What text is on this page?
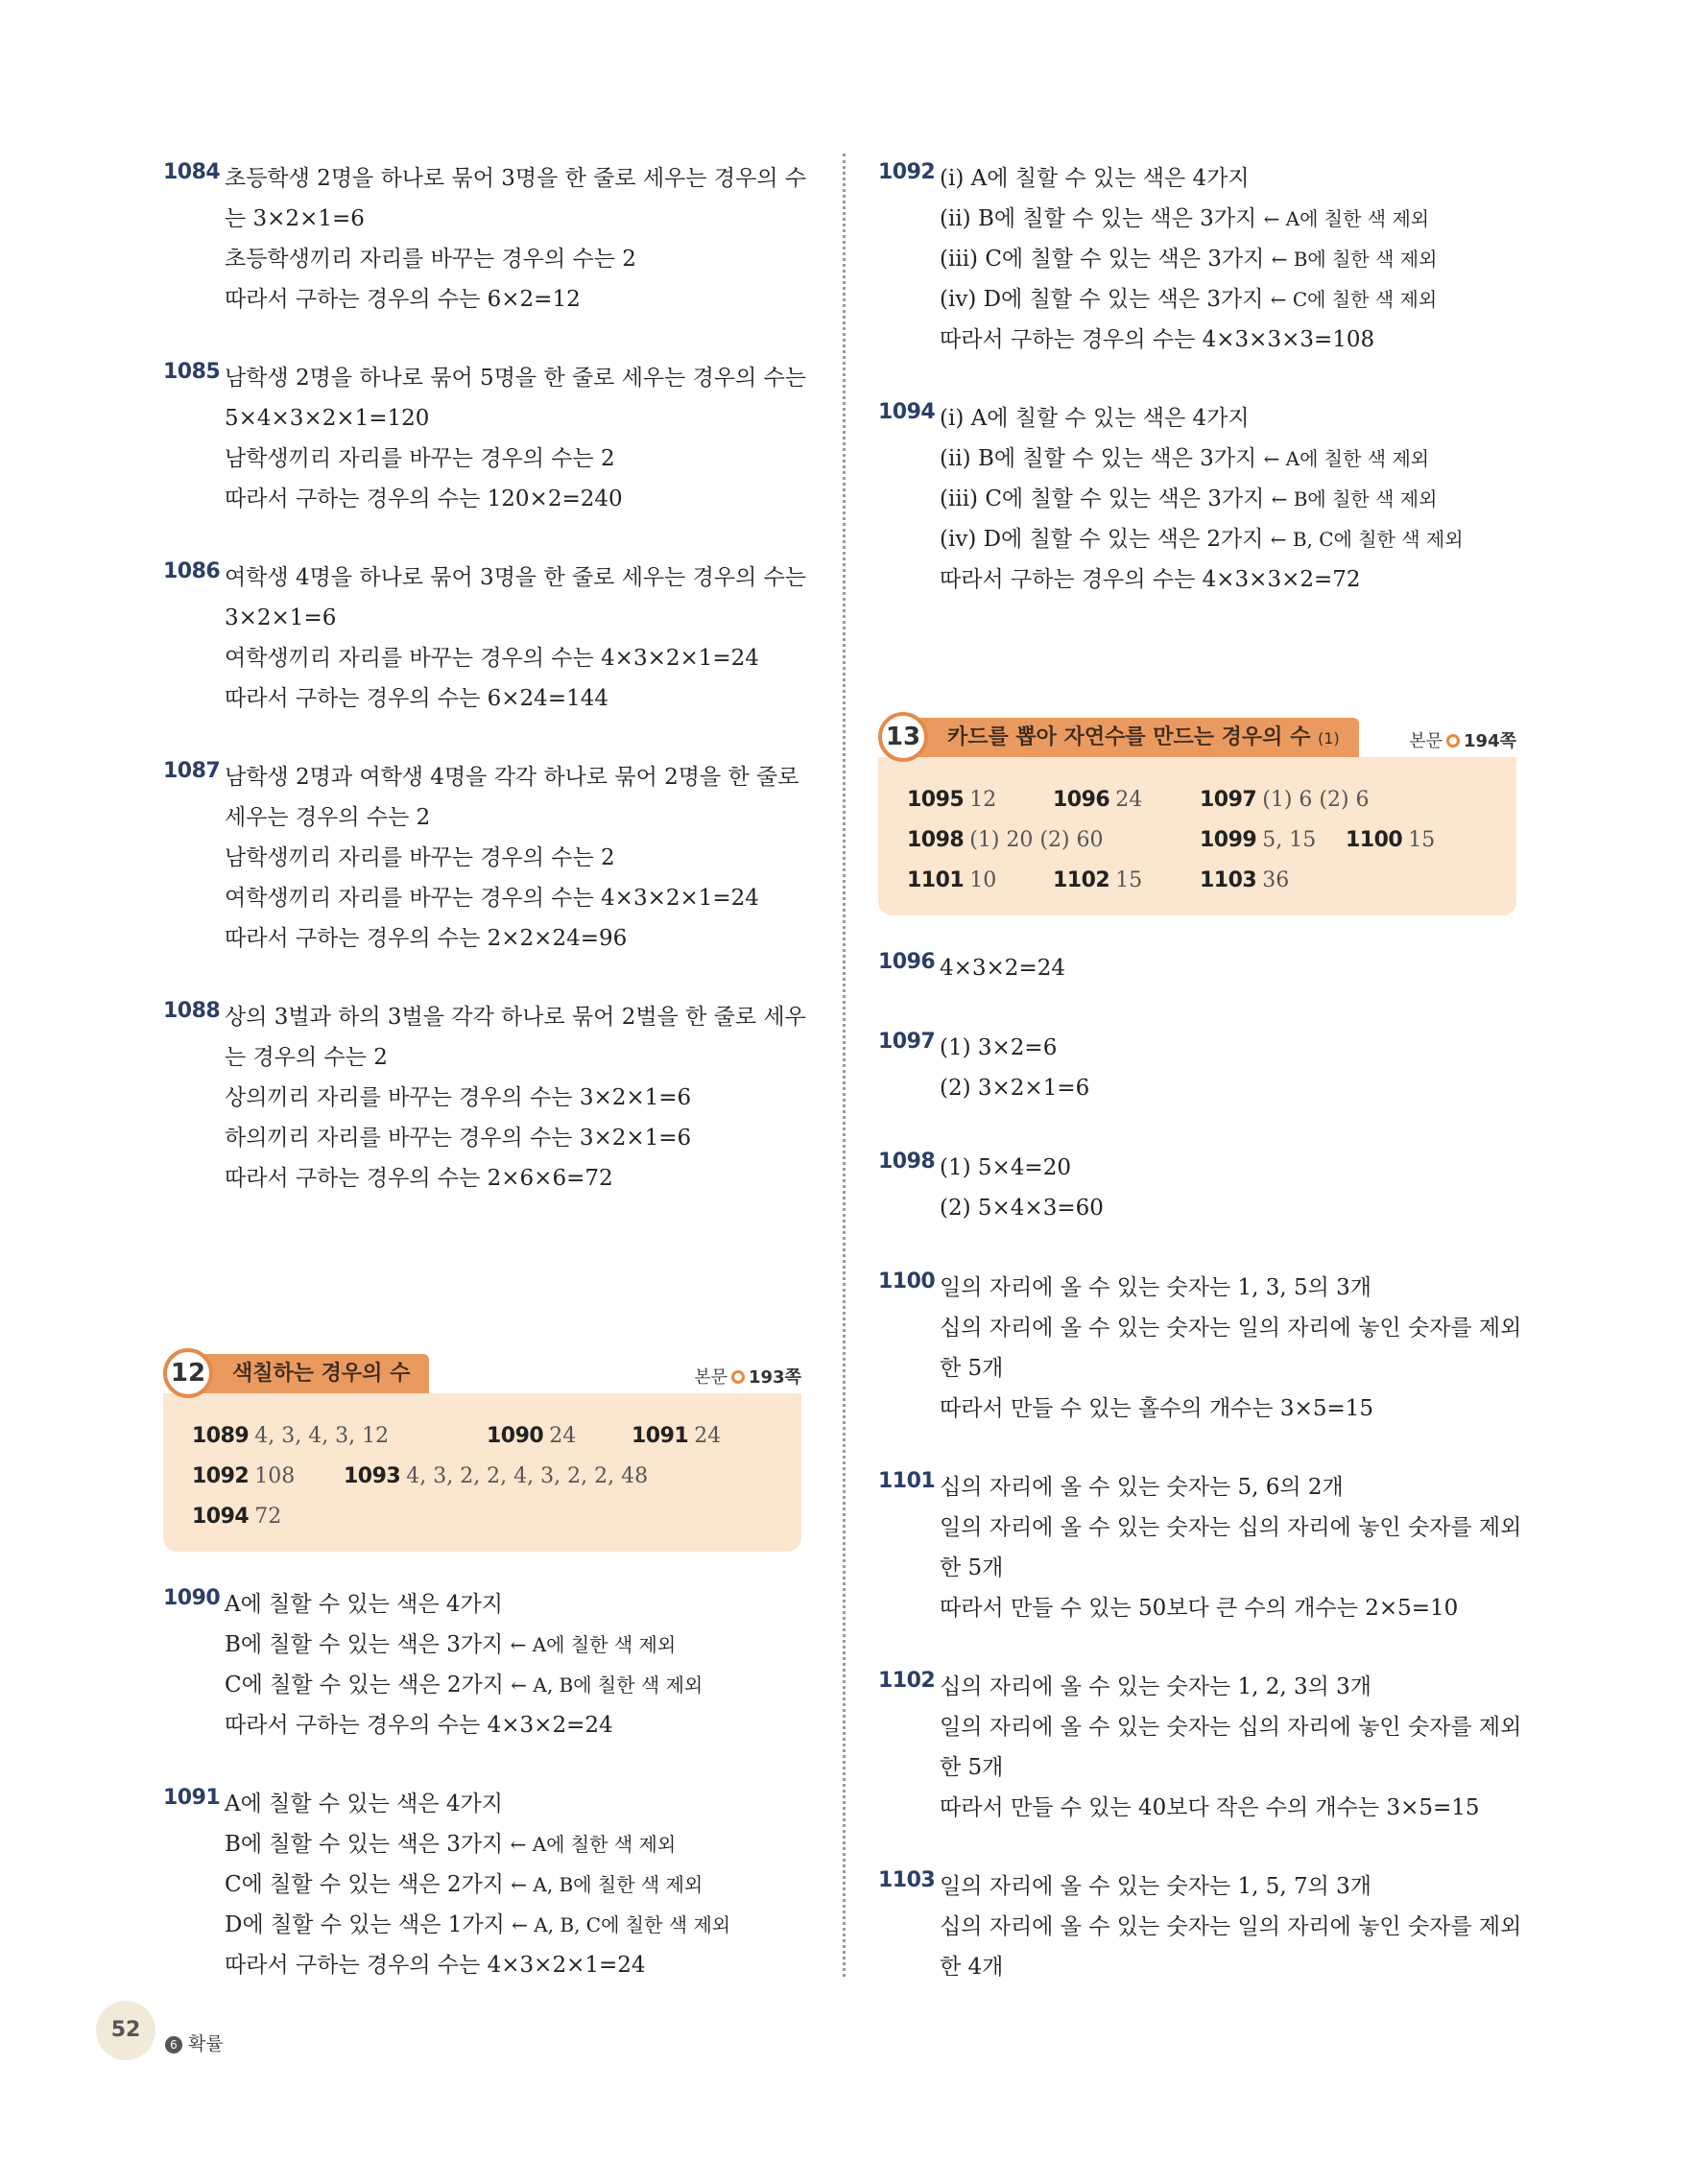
1084 초등학생 2명을 하나로 묶어 3명을 한 줄로 세우는 경우의 수
는 3×2×1=6
초등학생끼리 자리를 바꾸는 경우의 수는 2
따라서 구하는 경우의 수는 6×2=12
1085 남학생 2명을 하나로 묶어 5명을 한 줄로 세우는 경우의 수는
5×4×3×2×1=120
남학생끼리 자리를 바꾸는 경우의 수는 2
따라서 구하는 경우의 수는 120×2=240
1086 여학생 4명을 하나로 묶어 3명을 한 줄로 세우는 경우의 수는
3×2×1=6
여학생끼리 자리를 바꾸는 경우의 수는 4×3×2×1=24
따라서 구하는 경우의 수는 6×24=144
1087 남학생 2명과 여학생 4명을 각각 하나로 묶어 2명을 한 줄로
세우는 경우의 수는 2
남학생끼리 자리를 바꾸는 경우의 수는 2
여학생끼리 자리를 바꾸는 경우의 수는 4×3×2×1=24
따라서 구하는 경우의 수는 2×2×24=96
1088 상의 3벌과 하의 3벌을 각각 하나로 묶어 2벌을 한 줄로 세우
는 경우의 수는 2
상의끼리 자리를 바꾸는 경우의 수는 3×2×1=6
하의끼리 자리를 바꾸는 경우의 수는 3×2×1=6
따라서 구하는 경우의 수는 2×6×6=72
12	색칠하는 경우의 수	본문 193쪽
1089 4, 3, 4, 3, 12	1090 24	1091 24
1092 108 1093 4, 3, 2, 2, 4, 3, 2, 2, 48
1094 72
1090 A에 칠할 수 있는 색은 4가지
B에 칠할 수 있는 색은 3가지 ← A에 칠한 색 제외
C에 칠할 수 있는 색은 2가지 ← A, B에 칠한 색 제외
따라서 구하는 경우의 수는 4×3×2=24
1091 A에 칠할 수 있는 색은 4가지
B에 칠할 수 있는 색은 3가지 ← A에 칠한 색 제외
C에 칠할 수 있는 색은 2가지 ← A, B에 칠한 색 제외
D에 칠할 수 있는 색은 1가지 ← A, B, C에 칠한 색 제외
따라서 구하는 경우의 수는 4×3×2×1=24
1092 (ⅰ) A에 칠할 수 있는 색은 4가지
(ⅱ) B에 칠할 수 있는 색은 3가지 ← A에 칠한 색 제외
(ⅲ) C에 칠할 수 있는 색은 3가지 ← B에 칠한 색 제외
(ⅳ) D에 칠할 수 있는 색은 3가지 ← C에 칠한 색 제외
따라서 구하는 경우의 수는 4×3×3×3=108
1094 (ⅰ) A에 칠할 수 있는 색은 4가지
(ⅱ) B에 칠할 수 있는 색은 3가지 ← A에 칠한 색 제외
(ⅲ) C에 칠할 수 있는 색은 3가지 ← B에 칠한 색 제외
(ⅳ) D에 칠할 수 있는 색은 2가지 ← B, C에 칠한 색 제외
따라서 구하는 경우의 수는 4×3×3×2=72
13	카드를 뽑아 자연수를 만드는 경우의 수 (1)	본문 194쪽
1095 12	1096 24	1097 (1) 6 (2) 6
1098 (1) 20 (2) 60	1099 5, 15 1100 15
1101 10	1102 15	1103 36
1096 4×3×2=24
1097 (1) 3×2=6
(2) 3×2×1=6
1098 (1) 5×4=20
(2) 5×4×3=60
1100 일의 자리에 올 수 있는 숫자는 1, 3, 5의 3개
십의 자리에 올 수 있는 숫자는 일의 자리에 놓인 숫자를 제외
한 5개
따라서 만들 수 있는 홀수의 개수는 3×5=15
1101 십의 자리에 올 수 있는 숫자는 5, 6의 2개
일의 자리에 올 수 있는 숫자는 십의 자리에 놓인 숫자를 제외
한 5개
따라서 만들 수 있는 50보다 큰 수의 개수는 2×5=10
1102 십의 자리에 올 수 있는 숫자는 1, 2, 3의 3개
일의 자리에 올 수 있는 숫자는 십의 자리에 놓인 숫자를 제외
한 5개
따라서 만들 수 있는 40보다 작은 수의 개수는 3×5=15
1103 일의 자리에 올 수 있는 숫자는 1, 5, 7의 3개
십의 자리에 올 수 있는 숫자는 일의 자리에 놓인 숫자를 제외
한 4개
52
6 확률
